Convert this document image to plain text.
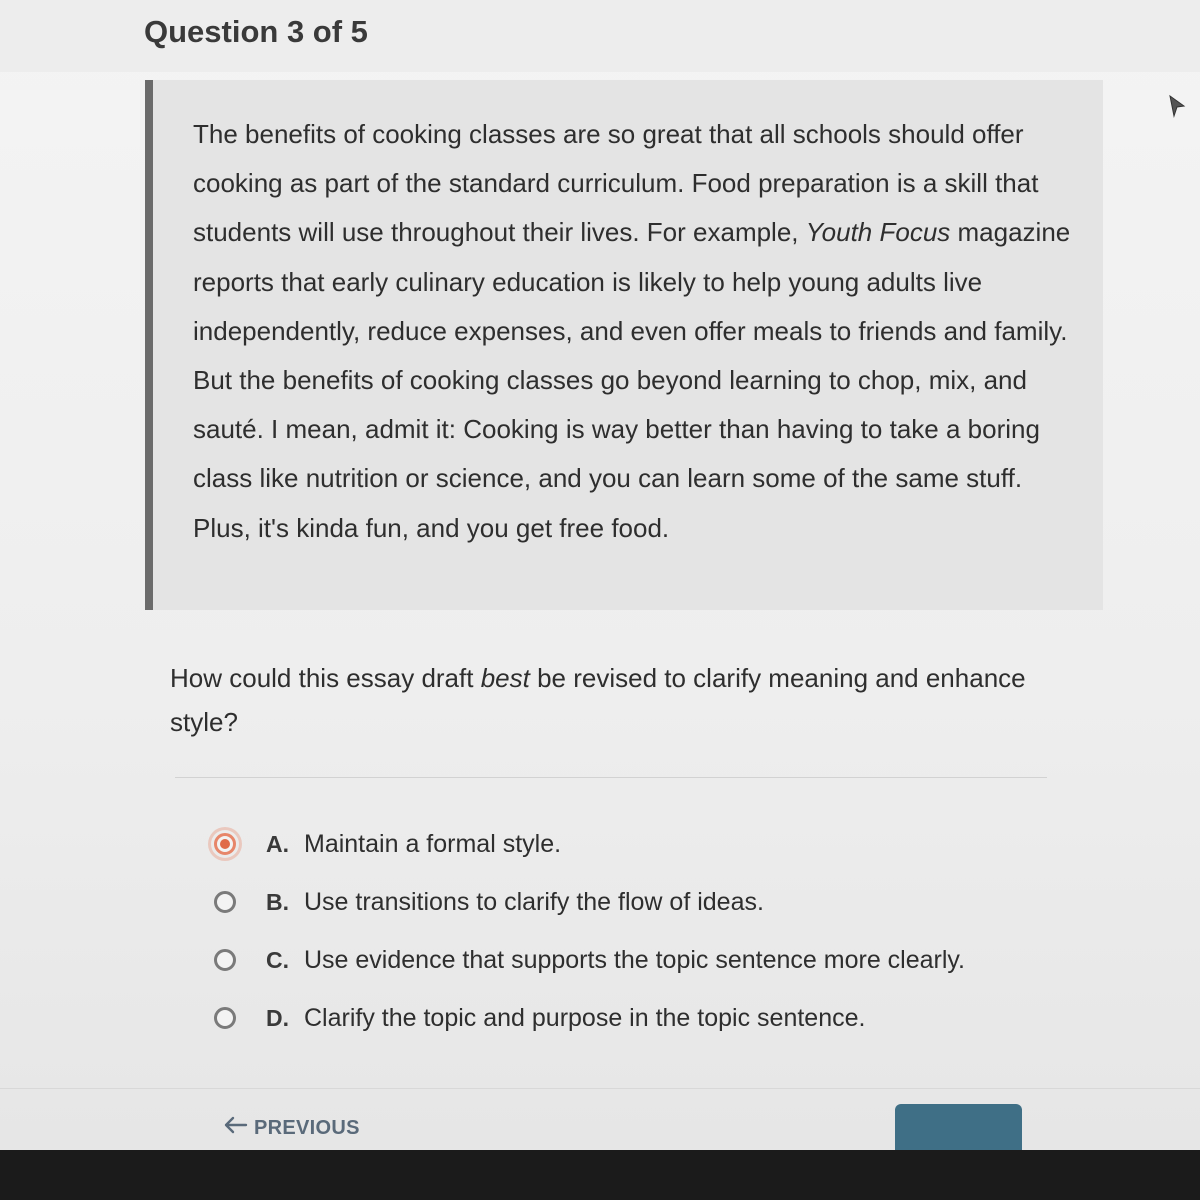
Question 3 of 5
The benefits of cooking classes are so great that all schools should offer cooking as part of the standard curriculum. Food preparation is a skill that students will use throughout their lives. For example, Youth Focus magazine reports that early culinary education is likely to help young adults live independently, reduce expenses, and even offer meals to friends and family. But the benefits of cooking classes go beyond learning to chop, mix, and sauté. I mean, admit it: Cooking is way better than having to take a boring class like nutrition or science, and you can learn some of the same stuff. Plus, it's kinda fun, and you get free food.
How could this essay draft best be revised to clarify meaning and enhance style?
A. Maintain a formal style.
B. Use transitions to clarify the flow of ideas.
C. Use evidence that supports the topic sentence more clearly.
D. Clarify the topic and purpose in the topic sentence.
PREVIOUS
